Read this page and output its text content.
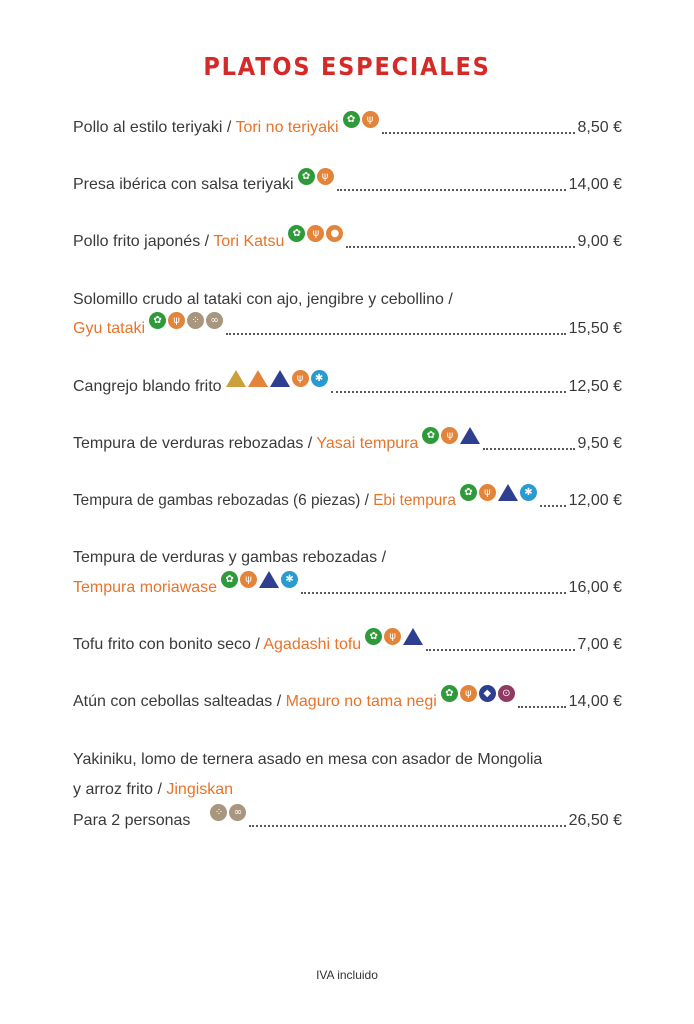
PLATOS ESPECIALES
Pollo al estilo teriyaki / Tori no teriyaki ✿	ψ	8,50 €
Presa ibérica con salsa teriyaki ✿	ψ	14,00 €
Pollo frito japonés / Tori Katsu ✿	ψ	●	9,00 €
Solomillo crudo al tataki con ajo, jengibre y cebollino /
Gyu tataki ✿	ψ	⁘	∞	15,50 €
Cangrejo blando frito	ψ	✱	12,50 €
Tempura de verduras rebozadas / Yasai tempura ✿	ψ	9,50 €
Tempura de gambas rebozadas (6 piezas) / Ebi tempura ✿	ψ	✱ 12,00 €
Tempura de verduras y gambas rebozadas /
Tempura moriawase ✿	ψ	✱	16,00 €
Tofu frito con bonito seco / Agadashi tofu ✿	ψ	7,00 €
Atún con cebollas salteadas / Maguro no tama negi ✿	ψ	◆	⊙	14,00 €
Yakiniku, lomo de ternera asado en mesa con asador de Mongolia
y arroz frito / Jingiskan
Para 2 personas	⁘	∞	26,50 €
IVA incluido
